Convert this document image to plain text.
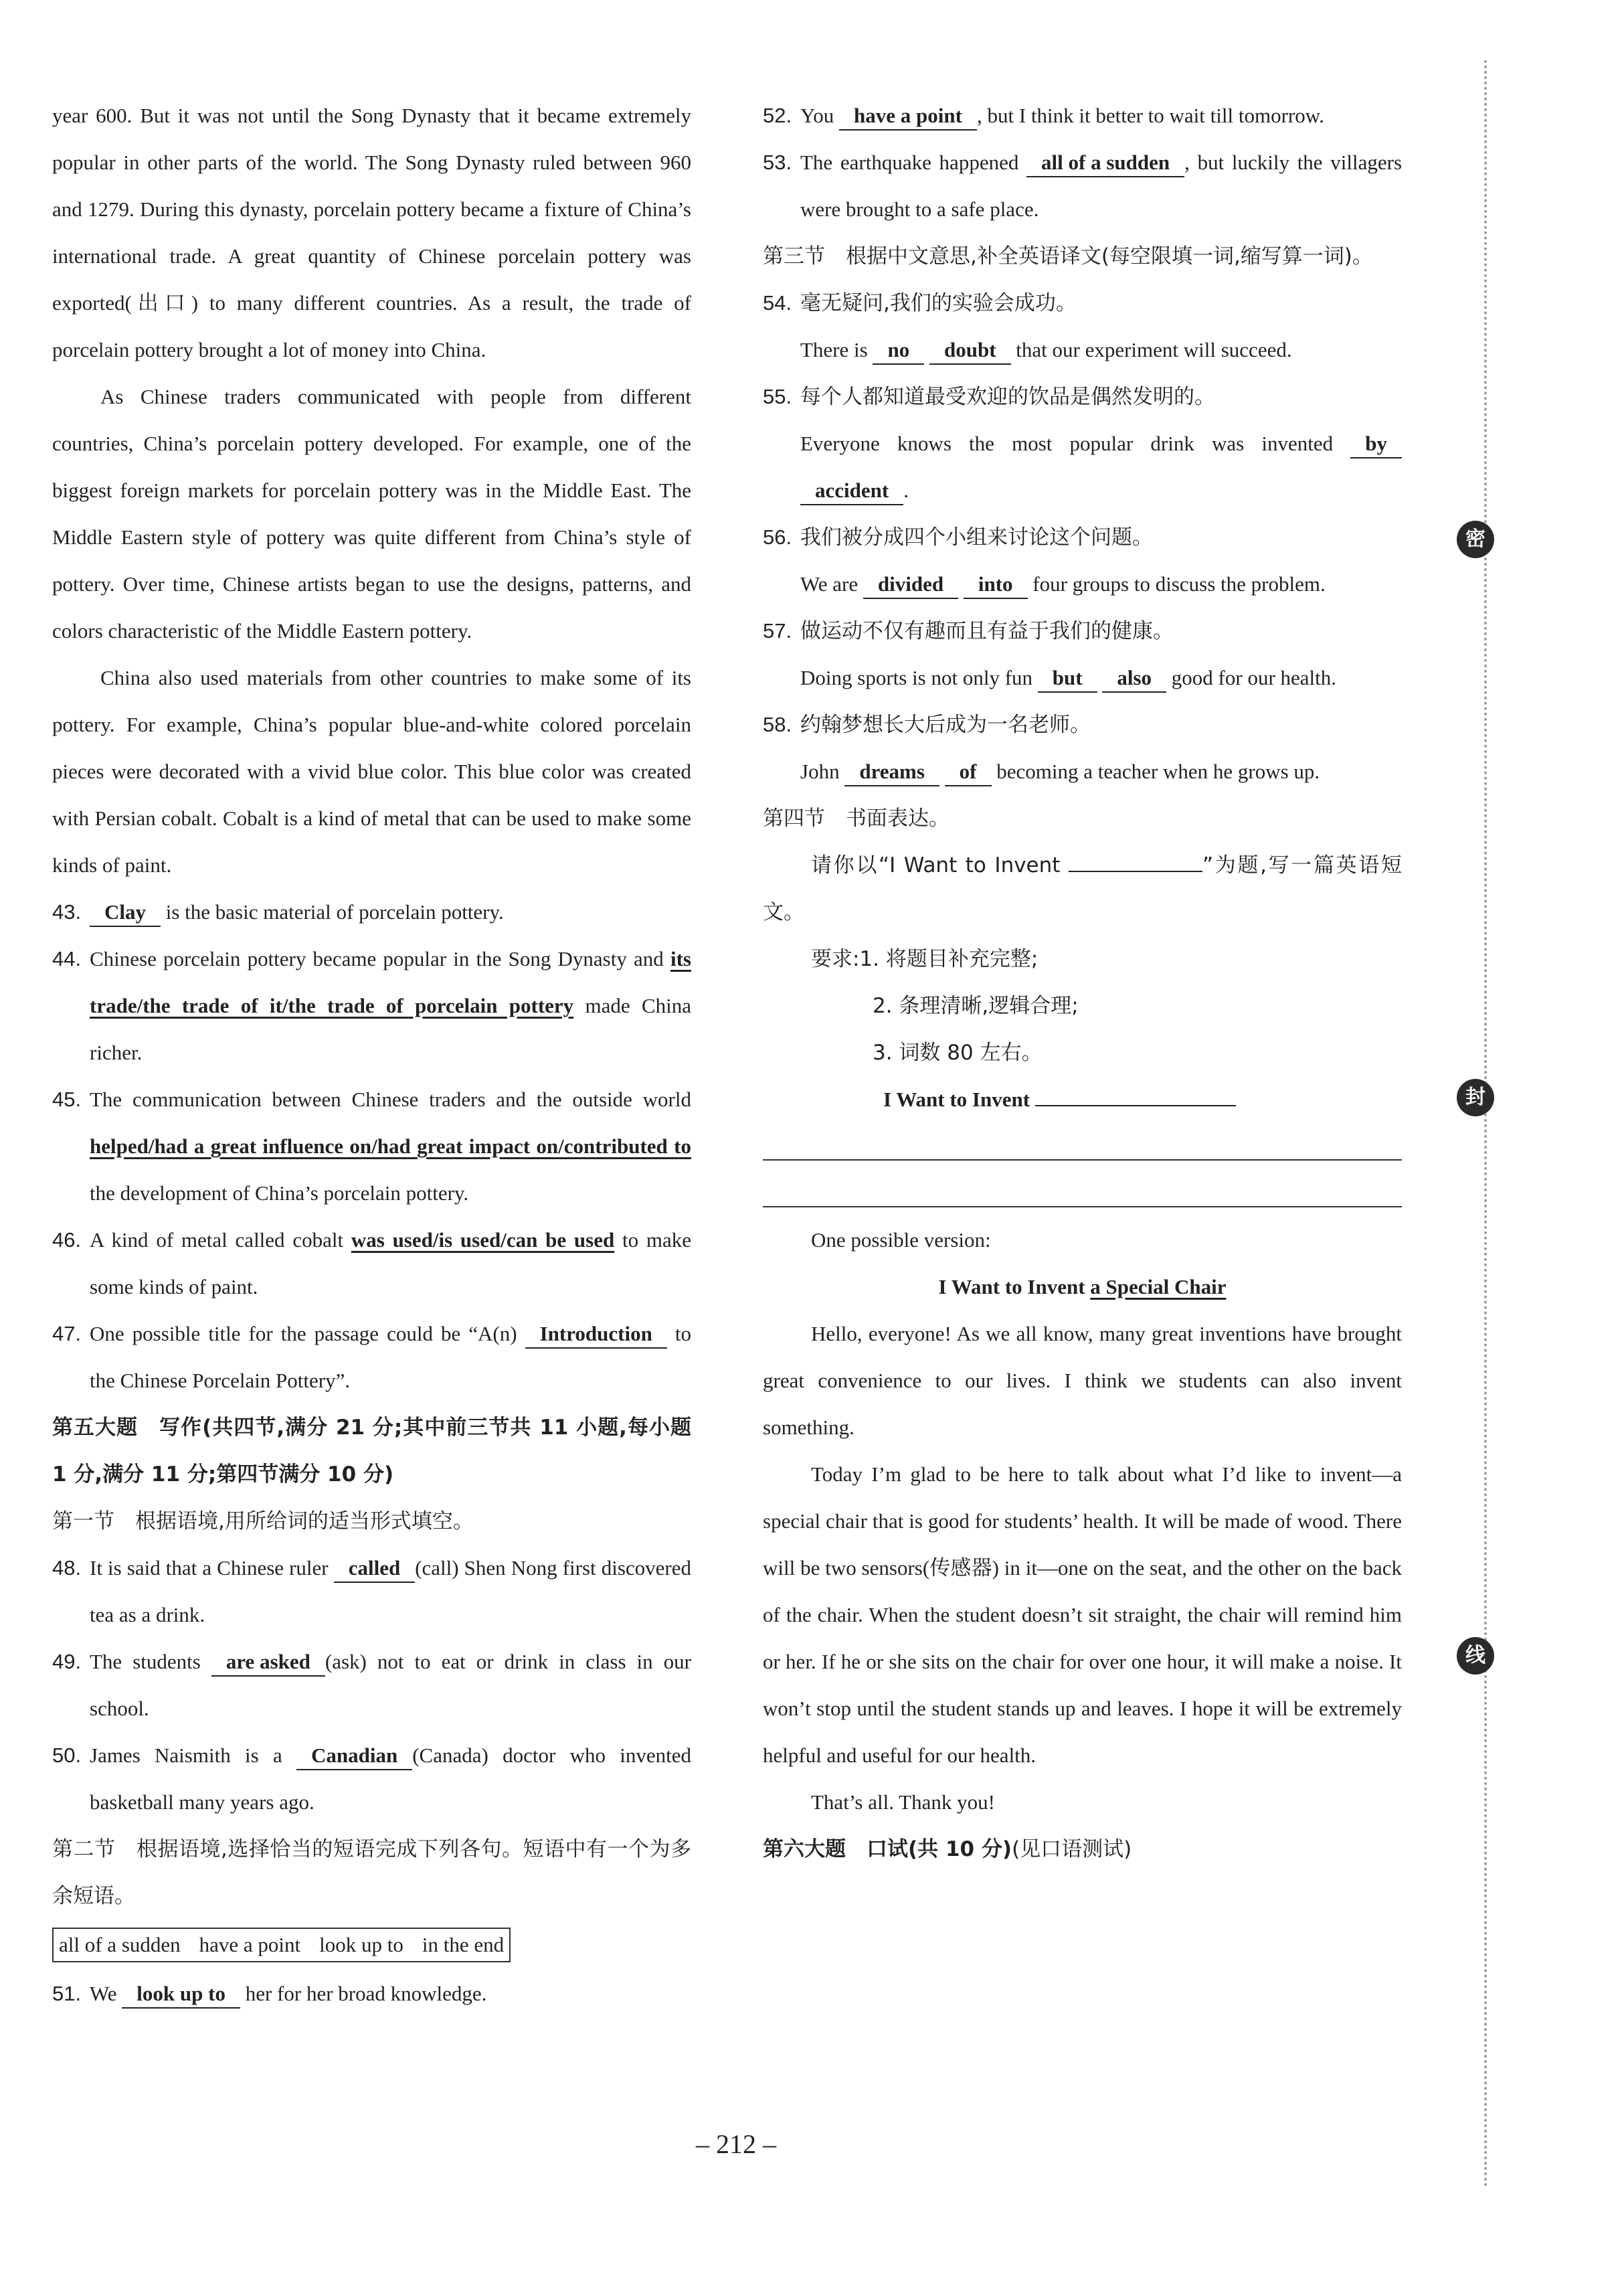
year 600. But it was not until the Song Dynasty that it became extremely popular in other parts of the world. The Song Dynasty ruled between 960 and 1279. During this dynasty, porcelain pottery became a fixture of China’s international trade. A great quantity of Chinese porcelain pottery was exported(出口) to many different countries. As a result, the trade of porcelain pottery brought a lot of money into China.

As Chinese traders communicated with people from different countries, China’s porcelain pottery developed. For example, one of the biggest foreign markets for porcelain pottery was in the Middle East. The Middle Eastern style of pottery was quite different from China’s style of pottery. Over time, Chinese artists began to use the designs, patterns, and colors characteristic of the Middle Eastern pottery.

China also used materials from other countries to make some of its pottery. For example, China’s popular blue-and-white colored porcelain pieces were decorated with a vivid blue color. This blue color was created with Persian cobalt. Cobalt is a kind of metal that can be used to make some kinds of paint.

43. Clay is the basic material of porcelain pottery.

44. Chinese porcelain pottery became popular in the Song Dynasty and its trade/the trade of it/the trade of porcelain pottery made China richer.

45. The communication between Chinese traders and the outside world helped/had a great influence on/had great impact on/contributed to the development of China’s porcelain pottery.

46. A kind of metal called cobalt was used/is used/can be used to make some kinds of paint.

47. One possible title for the passage could be “A(n) Introduction to the Chinese Porcelain Pottery”.

第五大题　写作(共四节,满分 21 分;其中前三节共 11 小题,每小题 1 分,满分 11 分;第四节满分 10 分)

第一节　根据语境,用所给词的适当形式填空。

48. It is said that a Chinese ruler called (call) Shen Nong first discovered tea as a drink.

49. The students are asked (ask) not to eat or drink in class in our school.

50. James Naismith is a Canadian (Canada) doctor who invented basketball many years ago.

第二节　根据语境,选择恰当的短语完成下列各句。短语中有一个为多余短语。

all of a sudden have a point look up to in the end

51. We look up to her for her broad knowledge.

52. You have a point , but I think it better to wait till tomorrow.

53. The earthquake happened all of a sudden , but luckily the villagers were brought to a safe place.

第三节　根据中文意思,补全英语译文(每空限填一词,缩写算一词)。

54. 毫无疑问,我们的实验会成功。

There is no doubt that our experiment will succeed.

55. 每个人都知道最受欢迎的饮品是偶然发明的。

Everyone knows the most popular drink was invented by accident .

56. 我们被分成四个小组来讨论这个问题。

We are divided into four groups to discuss the problem.

57. 做运动不仅有趣而且有益于我们的健康。

Doing sports is not only fun but also good for our health.

58. 约翰梦想长大后成为一名老师。

John dreams of becoming a teacher when he grows up.

第四节　书面表达。

请你以“I Want to Invent	”为题,写一篇英语短文。

要求:1. 将题目补充完整;

2. 条理清晰,逻辑合理;

3. 词数 80 左右。

I Want to Invent

One possible version:

I Want to Invent a Special Chair

Hello, everyone! As we all know, many great inventions have brought great convenience to our lives. I think we students can also invent something.

Today I’m glad to be here to talk about what I’d like to invent—a special chair that is good for students’ health. It will be made of wood. There will be two sensors(传感器) in it—one on the seat, and the other on the back of the chair. When the student doesn’t sit straight, the chair will remind him or her. If he or she sits on the chair for over one hour, it will make a noise. It won’t stop until the student stands up and leaves. I hope it will be extremely helpful and useful for our health.

That’s all. Thank you!

第六大题　口试(共 10 分)(见口语测试)

密
封
线
– 212 –
